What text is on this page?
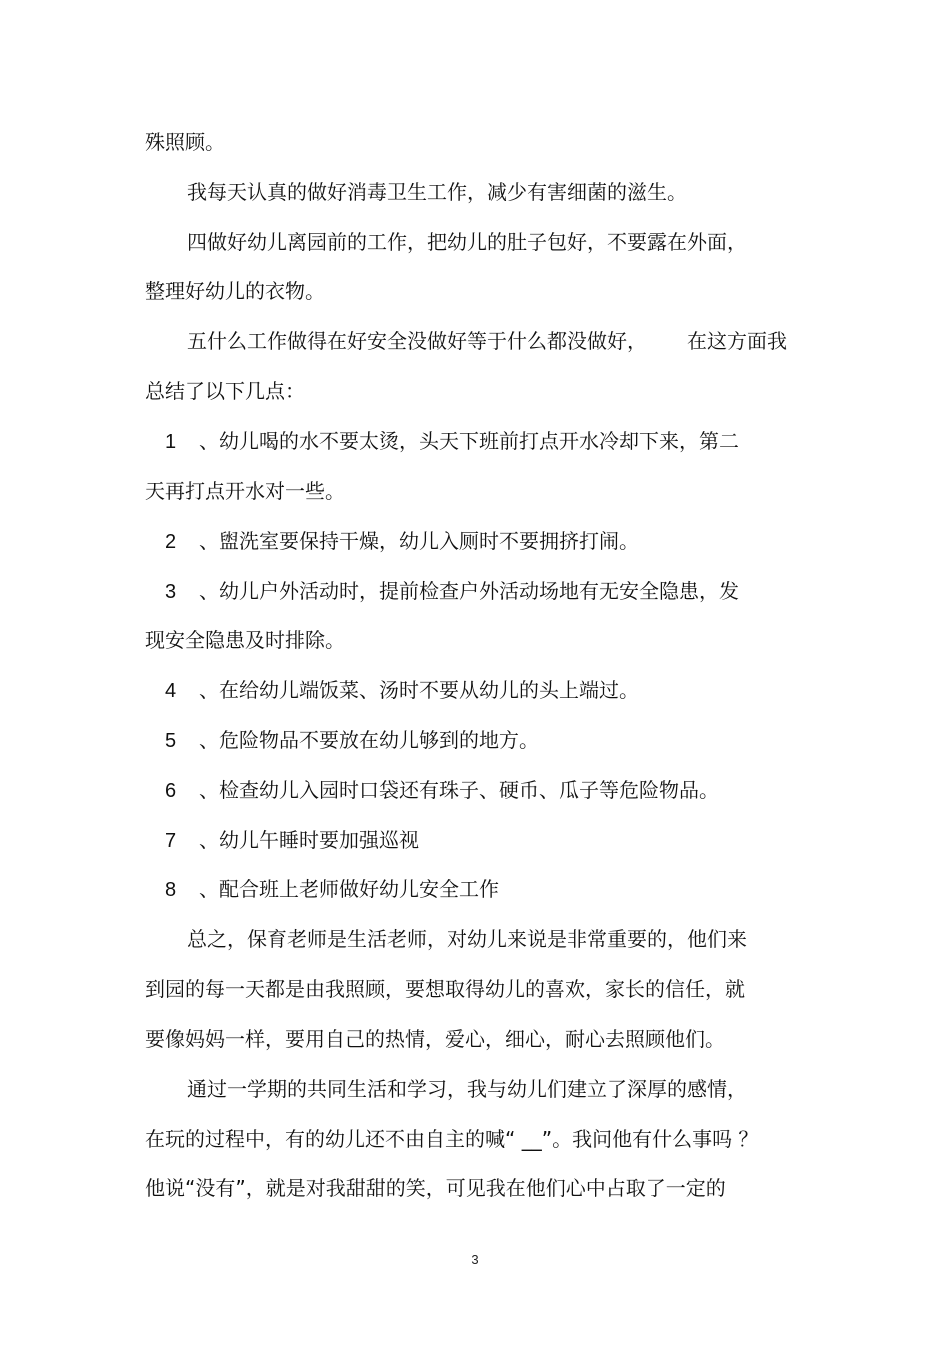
殊照顾。
我每天认真的做好消毒卫生工作，减少有害细菌的滋生。
四做好幼儿离园前的工作，把幼儿的肚子包好，不要露在外面，
整理好幼儿的衣物。
五什么工作做得在好安全没做好等于什么都没做好， 在这方面我
总结了以下几点：
1 、幼儿喝的水不要太烫，头天下班前打点开水冷却下来，第二
天再打点开水对一些。
2 、盥洗室要保持干燥，幼儿入厕时不要拥挤打闹。
3 、幼儿户外活动时，提前检查户外活动场地有无安全隐患，发
现安全隐患及时排除。
4 、在给幼儿端饭菜、汤时不要从幼儿的头上端过。
5 、危险物品不要放在幼儿够到的地方。
6 、检查幼儿入园时口袋还有珠子、硬币、瓜子等危险物品。
7 、幼儿午睡时要加强巡视
8 、配合班上老师做好幼儿安全工作
总之，保育老师是生活老师，对幼儿来说是非常重要的，他们来
到园的每一天都是由我照顾，要想取得幼儿的喜欢，家长的信任，就
要像妈妈一样，要用自己的热情，爱心，细心，耐心去照顾他们。
通过一学期的共同生活和学习，我与幼儿们建立了深厚的感情，
在玩的过程中，有的幼儿还不由自主的喊“ __”。我问他有什么事吗 ？
他说“没有”，就是对我甜甜的笑，可见我在他们心中占取了一定的
3
